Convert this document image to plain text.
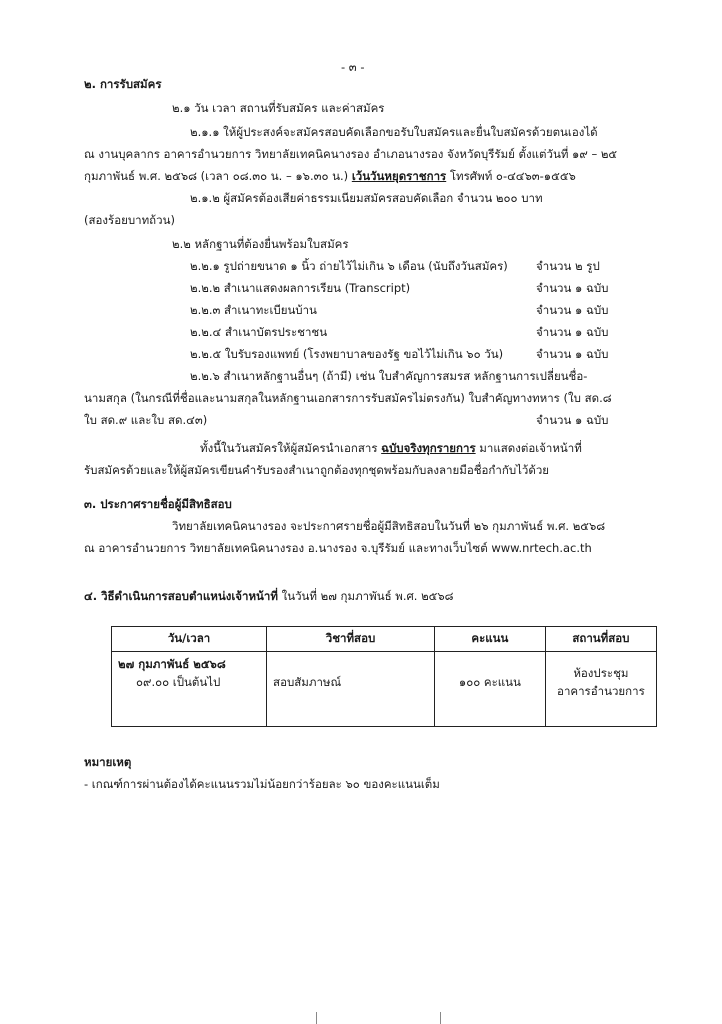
- ๓ -
๒. การรับสมัคร
๒.๑ วัน เวลา สถานที่รับสมัคร และค่าสมัคร
๒.๑.๑ ให้ผู้ประสงค์จะสมัครสอบคัดเลือกขอรับใบสมัครและยื่นใบสมัครด้วยตนเองได้
ณ งานบุคลากร อาคารอำนวยการ วิทยาลัยเทคนิคนางรอง อำเภอนางรอง จังหวัดบุรีรัมย์ ตั้งแต่วันที่ ๑๙ – ๒๕
กุมภาพันธ์ พ.ศ. ๒๕๖๘ (เวลา ๐๘.๓๐ น. – ๑๖.๓๐ น.) เว้นวันหยุดราชการ โทรศัพท์ ๐-๔๔๖๓-๑๕๕๖
๒.๑.๒ ผู้สมัครต้องเสียค่าธรรมเนียมสมัครสอบคัดเลือก จำนวน ๒๐๐ บาท
(สองร้อยบาทถ้วน)
๒.๒ หลักฐานที่ต้องยื่นพร้อมใบสมัคร
๒.๒.๑ รูปถ่ายขนาด ๑ นิ้ว ถ่ายไว้ไม่เกิน ๖ เดือน (นับถึงวันสมัคร) จำนวน ๒ รูป
๒.๒.๒ สำเนาแสดงผลการเรียน (Transcript)	จำนวน ๑ ฉบับ
๒.๒.๓ สำเนาทะเบียนบ้าน	จำนวน ๑ ฉบับ
๒.๒.๔ สำเนาบัตรประชาชน	จำนวน ๑ ฉบับ
๒.๒.๕ ใบรับรองแพทย์ (โรงพยาบาลของรัฐ ขอไว้ไม่เกิน ๖๐ วัน)	จำนวน ๑ ฉบับ
๒.๒.๖ สำเนาหลักฐานอื่นๆ (ถ้ามี) เช่น ใบสำคัญการสมรส หลักฐานการเปลี่ยนชื่อ-
นามสกุล (ในกรณีที่ชื่อและนามสกุลในหลักฐานเอกสารการรับสมัครไม่ตรงกัน) ใบสำคัญทางทหาร (ใบ สด.๘
ใบ สด.๙ และใบ สด.๔๓)	จำนวน ๑ ฉบับ
ทั้งนี้ในวันสมัครให้ผู้สมัครนำเอกสาร ฉบับจริงทุกรายการ มาแสดงต่อเจ้าหน้าที่
รับสมัครด้วยและให้ผู้สมัครเขียนคำรับรองสำเนาถูกต้องทุกชุดพร้อมกับลงลายมือชื่อกำกับไว้ด้วย
๓. ประกาศรายชื่อผู้มีสิทธิสอบ
วิทยาลัยเทคนิคนางรอง จะประกาศรายชื่อผู้มีสิทธิสอบในวันที่ ๒๖ กุมภาพันธ์ พ.ศ. ๒๕๖๘
ณ อาคารอำนวยการ วิทยาลัยเทคนิคนางรอง อ.นางรอง จ.บุรีรัมย์ และทางเว็บไซต์ www.nrtech.ac.th
๔. วิธีดำเนินการสอบตำแหน่งเจ้าหน้าที่ ในวันที่ ๒๗ กุมภาพันธ์ พ.ศ. ๒๕๖๘
วัน/เวลา	วิชาที่สอบ	คะแนน	สถานที่สอบ

๒๗ กุมภาพันธ์ ๒๕๖๘
๐๙.๐๐ เป็นต้นไป	สอบสัมภาษณ์	๑๐๐ คะแนน	ห้องประชุม
อาคารอำนวยการ
หมายเหตุ
- เกณฑ์การผ่านต้องได้คะแนนรวมไม่น้อยกว่าร้อยละ ๖๐ ของคะแนนเต็ม
